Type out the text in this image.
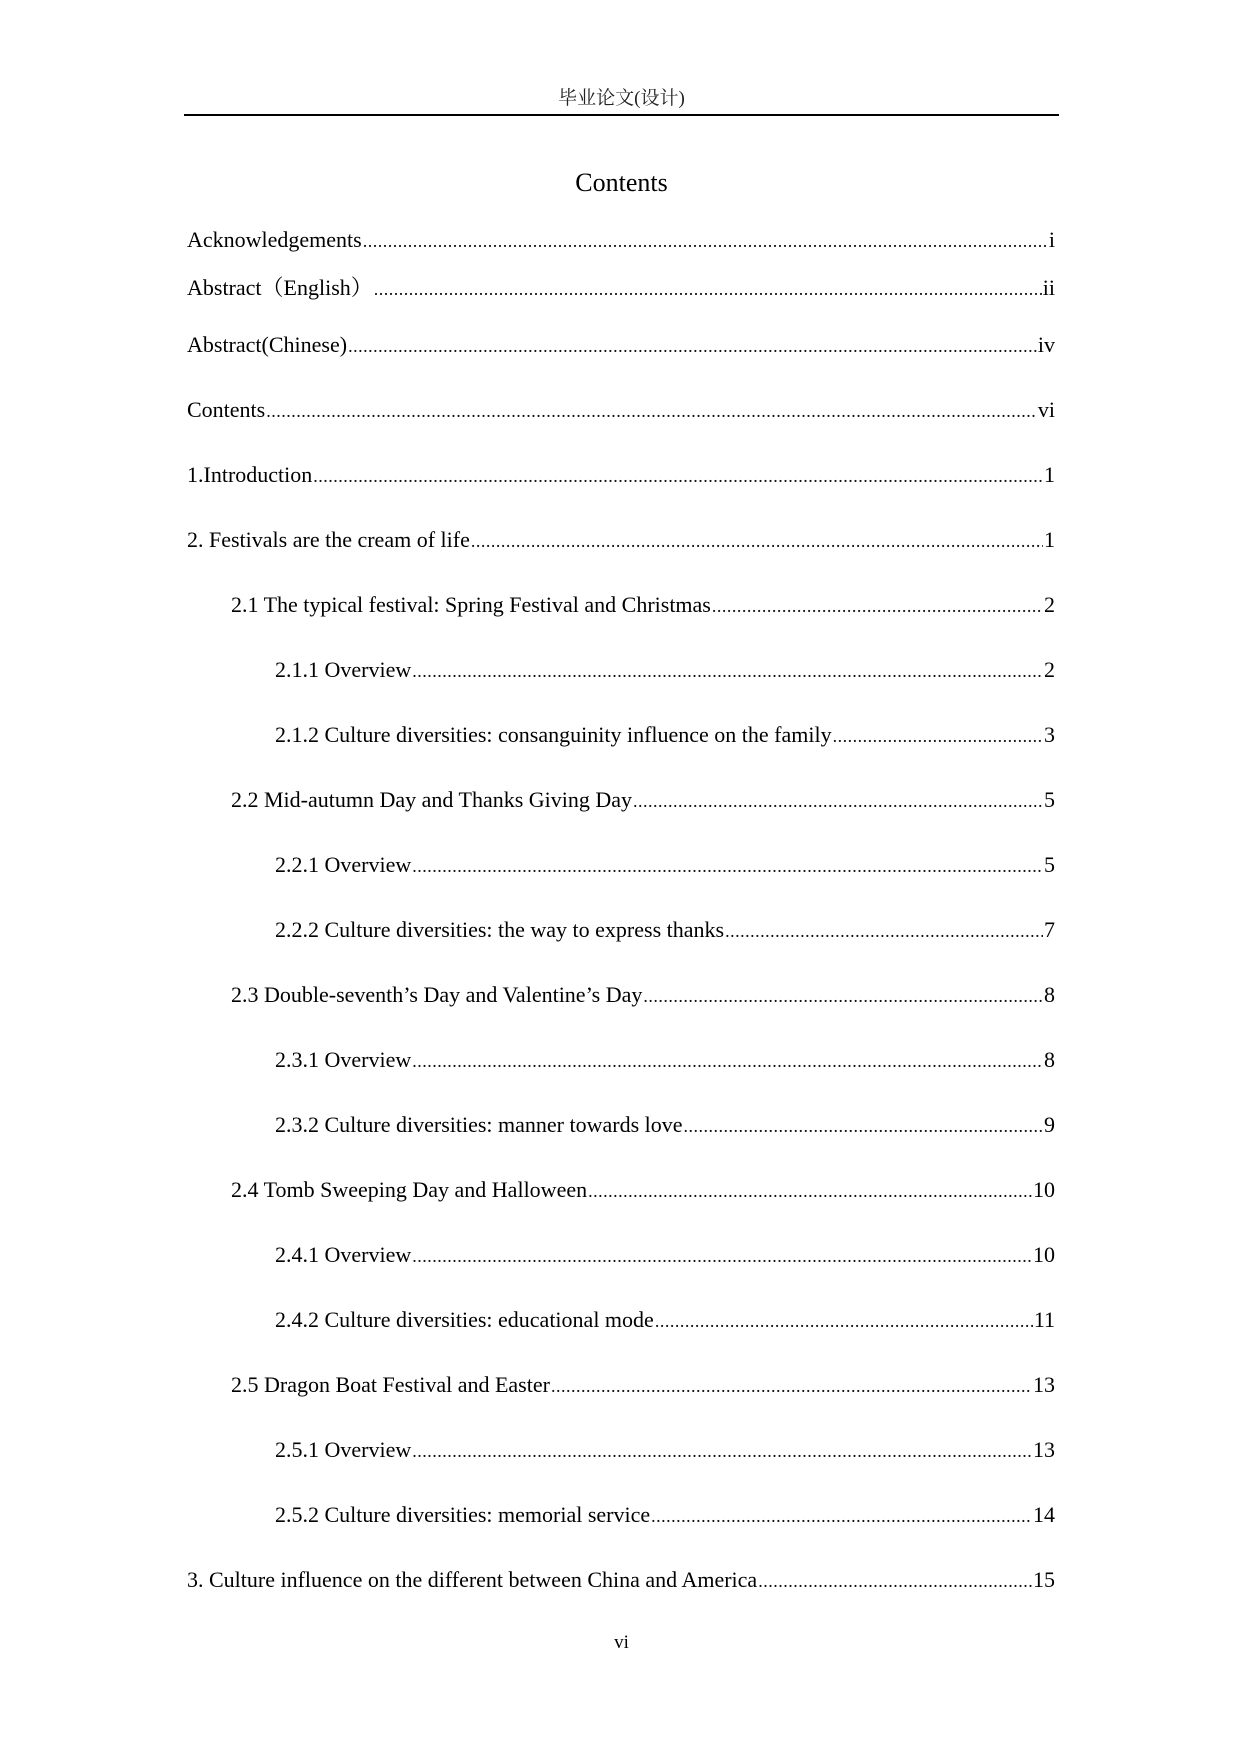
毕业论文(设计)
Contents
Acknowledgements .....	i
Abstract（English） .....	ii
Abstract(Chinese) .....	iv
Contents .....	vi
1.Introduction .....	1
2. Festivals are the cream of life .....	1
2.1 The typical festival: Spring Festival and Christmas .....	2
2.1.1 Overview .....	2
2.1.2 Culture diversities: consanguinity influence on the family .....	3
2.2 Mid-autumn Day and Thanks Giving Day .....	5
2.2.1 Overview .....	5
2.2.2 Culture diversities: the way to express thanks .....	7
2.3 Double-seventh’s Day and Valentine’s Day .....	8
2.3.1 Overview .....	8
2.3.2 Culture diversities: manner towards love .....	9
2.4 Tomb Sweeping Day and Halloween .....	10
2.4.1 Overview .....	10
2.4.2 Culture diversities: educational mode .....	11
2.5 Dragon Boat Festival and Easter .....	13
2.5.1 Overview .....	13
2.5.2 Culture diversities: memorial service .....	14
3. Culture influence on the different between China and America .....	15
vi
